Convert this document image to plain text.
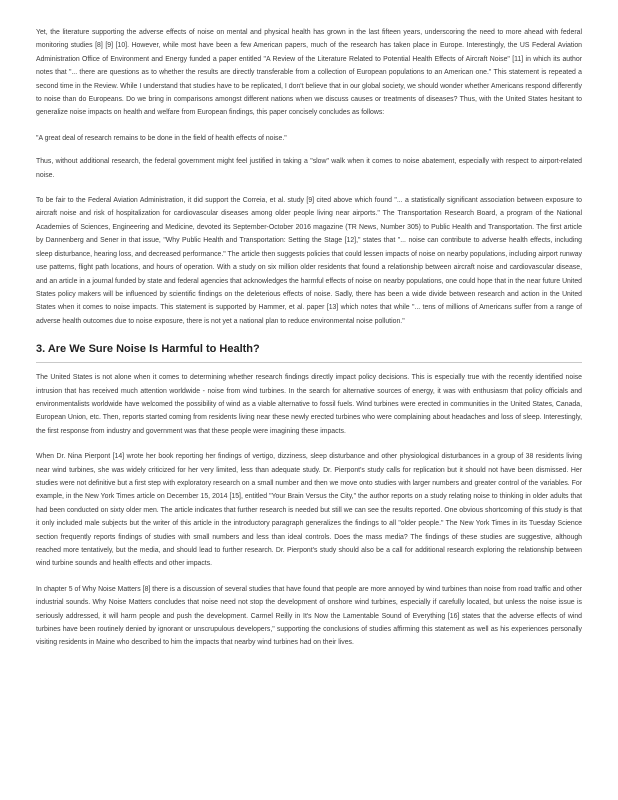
Yet, the literature supporting the adverse effects of noise on mental and physical health has grown in the last fifteen years, underscoring the need to more ahead with federal monitoring studies [8] [9] [10]. However, while most have been a few American papers, much of the research has taken place in Europe. Interestingly, the US Federal Aviation Administration Office of Environment and Energy funded a paper entitled "A Review of the Literature Related to Potential Health Effects of Aircraft Noise" [11] in which its author notes that "... there are questions as to whether the results are directly transferable from a collection of European populations to an American one." This statement is repeated a second time in the Review. While I understand that studies have to be replicated, I don't believe that in our global society, we should wonder whether Americans respond differently to noise than do Europeans. Do we bring in comparisons amongst different nations when we discuss causes or treatments of diseases? Thus, with the United States hesitant to generalize noise impacts on health and welfare from European findings, this paper concisely concludes as follows:

"A great deal of research remains to be done in the field of health effects of noise."

Thus, without additional research, the federal government might feel justified in taking a "slow" walk when it comes to noise abatement, especially with respect to airport-related noise.

To be fair to the Federal Aviation Administration, it did support the Correia, et al. study [9] cited above which found "... a statistically significant association between exposure to aircraft noise and risk of hospitalization for cardiovascular diseases among older people living near airports." The Transportation Research Board, a program of the National Academies of Sciences, Engineering and Medicine, devoted its September-October 2016 magazine (TR News, Number 305) to Public Health and Transportation. The first article by Dannenberg and Sener in that issue, "Why Public Health and Transportation: Setting the Stage [12]," states that "... noise can contribute to adverse health effects, including sleep disturbance, hearing loss, and decreased performance." The article then suggests policies that could lessen impacts of noise on nearby populations, including airport runway use patterns, flight path locations, and hours of operation. With a study on six million older residents that found a relationship between aircraft noise and cardiovascular disease, and an article in a journal funded by state and federal agencies that acknowledges the harmful effects of noise on nearby populations, one could hope that in the near future United States policy makers will be influenced by scientific findings on the deleterious effects of noise. Sadly, there has been a wide divide between research and action in the United States when it comes to noise impacts. This statement is supported by Hammer, et al. paper [13] which notes that while "... tens of millions of Americans suffer from a range of adverse health outcomes due to noise exposure, there is not yet a national plan to reduce environmental noise pollution."

3. Are We Sure Noise Is Harmful to Health?

The United States is not alone when it comes to determining whether research findings directly impact policy decisions. This is especially true with the recently identified noise intrusion that has received much attention worldwide - noise from wind turbines. In the search for alternative sources of energy, it was with enthusiasm that policy officials and environmentalists worldwide have welcomed the possibility of wind as a viable alternative to fossil fuels. Wind turbines were erected in communities in the United States, Canada, European Union, etc. Then, reports started coming from residents living near these newly erected turbines who were complaining about headaches and loss of sleep. Interestingly, the first response from industry and government was that these people were imagining these impacts.

When Dr. Nina Pierpont [14] wrote her book reporting her findings of vertigo, dizziness, sleep disturbance and other physiological disturbances in a group of 38 residents living near wind turbines, she was widely criticized for her very limited, less than adequate study. Dr. Pierpont's study calls for replication but it should not have been dismissed. Her studies were not definitive but a first step with exploratory research on a small number and then we move onto studies with larger numbers and greater control of the variables. For example, in the New York Times article on December 15, 2014 [15], entitled "Your Brain Versus the City," the author reports on a study relating noise to thinking in older adults that had been conducted on sixty older men. The article indicates that further research is needed but still we can see the results reported. One obvious shortcoming of this study is that it only included male subjects but the writer of this article in the introductory paragraph generalizes the findings to all "older people." The New York Times in its Tuesday Science section frequently reports findings of studies with small numbers and less than ideal controls. Does the mass media? The findings of these studies are suggestive, although reached more tentatively, but the media, and should lead to further research. Dr. Pierpont's study should also be a call for additional research exploring the relationship between wind turbine sounds and health effects and other impacts.

In chapter 5 of Why Noise Matters [8] there is a discussion of several studies that have found that people are more annoyed by wind turbines than noise from road traffic and other industrial sounds. Why Noise Matters concludes that noise need not stop the development of onshore wind turbines, especially if carefully located, but unless the noise issue is seriously addressed, it will harm people and push the development. Carmel Reilly in It's Now the Lamentable Sound of Everything [16] states that the adverse effects of wind turbines have been routinely denied by ignorant or unscrupulous developers," supporting the conclusions of studies affirming this statement as well as his experiences personally visiting residents in Maine who described to him the impacts that nearby wind turbines had on their lives.
